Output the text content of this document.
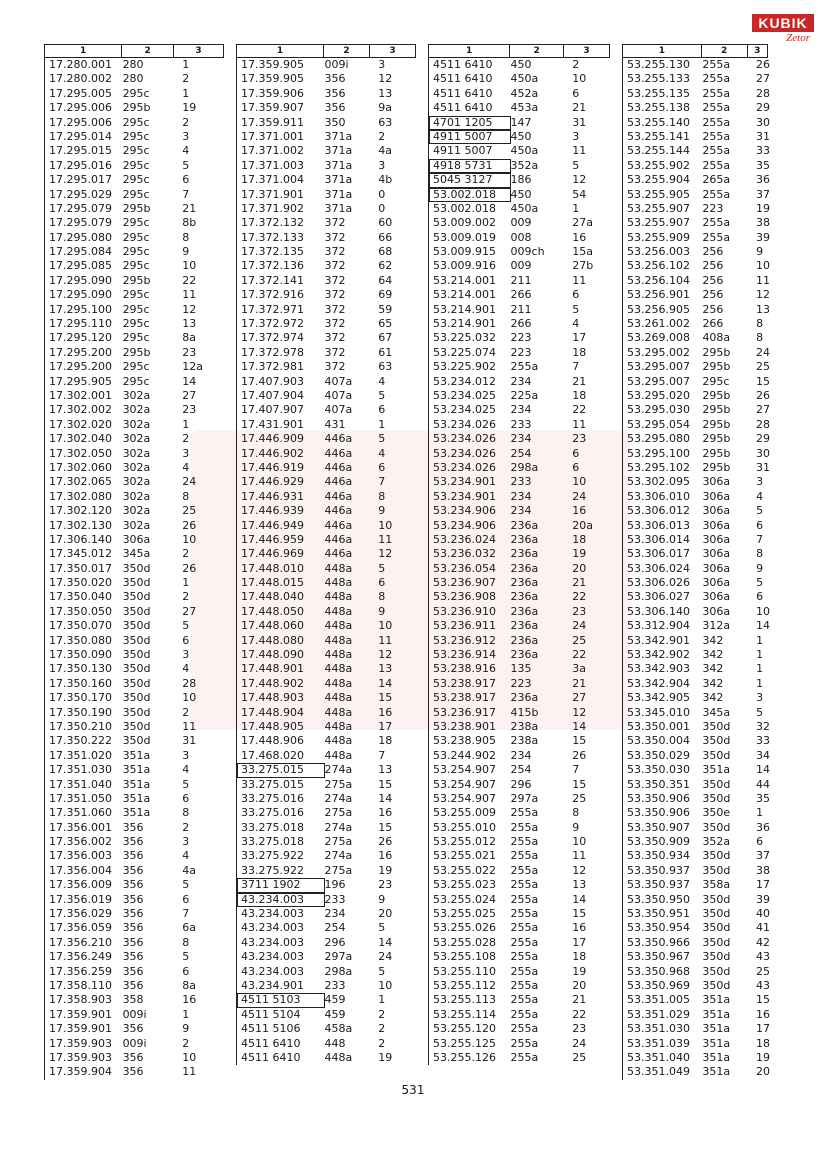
KUBIK
Zetor
1	2	3
17.280.001 280	1
17.280.002 280	2
17.295.005 295c	1
17.295.006 295b	19
17.295.006 295c	2
17.295.014 295c	3
17.295.015 295c	4
17.295.016 295c	5
17.295.017 295c	6
17.295.029 295c	7
17.295.079 295b	21
17.295.079 295c	8b
17.295.080 295c	8
17.295.084 295c	9
17.295.085 295c	10
17.295.090 295b	22
17.295.090 295c	11
17.295.100 295c	12
17.295.110 295c	13
17.295.120 295c	8a
17.295.200 295b	23
17.295.200 295c	12a
17.295.905 295c	14
17.302.001 302a	27
17.302.002 302a	23
17.302.020 302a	1
17.302.040 302a	2
17.302.050 302a	3
17.302.060 302a	4
17.302.065 302a	24
17.302.080 302a	8
17.302.120 302a	25
17.302.130 302a	26
17.306.140 306a	10
17.345.012 345a	2
17.350.017 350d	26
17.350.020 350d	1
17.350.040 350d	2
17.350.050 350d	27
17.350.070 350d	5
17.350.080 350d	6
17.350.090 350d	3
17.350.130 350d	4
17.350.160 350d	28
17.350.170 350d	10
17.350.190 350d	2
17.350.210 350d	11
17.350.222 350d	31
17.351.020 351a	3
17.351.030 351a	4
17.351.040 351a	5
17.351.050 351a	6
17.351.060 351a	8
17.356.001 356	2
17.356.002 356	3
17.356.003 356	4
17.356.004 356	4a
17.356.009 356	5
17.356.019 356	6
17.356.029 356	7
17.356.059 356	6a
17.356.210 356	8
17.356.249 356	5
17.356.259 356	6
17.358.110 356	8a
17.358.903 358	16
17.359.901 009i	1
17.359.901 356	9
17.359.903 009i	2
17.359.903 356	10
17.359.904 356	11
1	2	3
17.359.905	009i	3
17.359.905	356	12
17.359.906	356	13
17.359.907	356	9a
17.359.911	350	63
17.371.001	371a	2
17.371.002	371a	4a
17.371.003	371a	3
17.371.004	371a	4b
17.371.901	371a	0
17.371.902	371a	0
17.372.132	372	60
17.372.133	372	66
17.372.135	372	68
17.372.136	372	62
17.372.141	372	64
17.372.916	372	69
17.372.971	372	59
17.372.972	372	65
17.372.974	372	67
17.372.978	372	61
17.372.981	372	63
17.407.903	407a	4
17.407.904	407a	5
17.407.907	407a	6
17.431.901	431	1
17.446.909	446a	5
17.446.902	446a	4
17.446.919	446a	6
17.446.929	446a	7
17.446.931	446a	8
17.446.939	446a	9
17.446.949	446a	10
17.446.959	446a	11
17.446.969	446a	12
17.448.010	448a	5
17.448.015	448a	6
17.448.040	448a	8
17.448.050	448a	9
17.448.060	448a	10
17.448.080	448a	11
17.448.090	448a	12
17.448.901	448a	13
17.448.902	448a	14
17.448.903	448a	15
17.448.904	448a	16
17.448.905	448a	17
17.448.906	448a	18
17.468.020	448a	7
33.275.015	274a	13
33.275.015	275a	15
33.275.016	274a	14
33.275.016	275a	16
33.275.018	274a	15
33.275.018	275a	26
33.275.922	274a	16
33.275.922	275a	19
3711 1902	196	23
43.234.003	233	9
43.234.003	234	20
43.234.003	254	5
43.234.003	296	14
43.234.003	297a	24
43.234.003	298a	5
43.234.901	233	10
4511 5103	459	1
4511 5104	459	2
4511 5106	458a	2
4511 6410	448	2
4511 6410	448a	19
1	2	3
4511 6410	450	2
4511 6410	450a	10
4511 6410	452a	6
4511 6410	453a	21
4701 1205	147	31
4911 5007	450	3
4911 5007	450a	11
4918 5731	352a	5
5045 3127	186	12
53.002.018	450	54
53.002.018	450a	1
53.009.002	009	27a
53.009.019	008	16
53.009.915	009ch	15a
53.009.916	009	27b
53.214.001	211	11
53.214.001	266	6
53.214.901	211	5
53.214.901	266	4
53.225.032	223	17
53.225.074	223	18
53.225.902	255a	7
53.234.012	234	21
53.234.025	225a	18
53.234.025	234	22
53.234.026	233	11
53.234.026	234	23
53.234.026	254	6
53.234.026	298a	6
53.234.901	233	10
53.234.901	234	24
53.234.906	234	16
53.234.906	236a	20a
53.236.024	236a	18
53.236.032	236a	19
53.236.054	236a	20
53.236.907	236a	21
53.236.908	236a	22
53.236.910	236a	23
53.236.911	236a	24
53.236.912	236a	25
53.236.914	236a	22
53.238.916	135	3a
53.238.917	223	21
53.238.917	236a	27
53.236.917	415b	12
53.238.901	238a	14
53.238.905	238a	15
53.244.902	234	26
53.254.907	254	7
53.254.907	296	15
53.254.907	297a	25
53.255.009	255a	8
53.255.010	255a	9
53.255.012	255a	10
53.255.021	255a	11
53.255.022	255a	12
53.255.023	255a	13
53.255.024	255a	14
53.255.025	255a	15
53.255.026	255a	16
53.255.028	255a	17
53.255.108	255a	18
53.255.110	255a	19
53.255.112	255a	20
53.255.113	255a	21
53.255.114	255a	22
53.255.120	255a	23
53.255.125	255a	24
53.255.126	255a	25
1	2	3
53.255.130	255a	26
53.255.133	255a	27
53.255.135	255a	28
53.255.138	255a	29
53.255.140	255a	30
53.255.141	255a	31
53.255.144	255a	33
53.255.902	255a	35
53.255.904	265a	36
53.255.905	255a	37
53.255.907	223	19
53.255.907	255a	38
53.255.909	255a	39
53.256.003	256	9
53.256.102	256	10
53.256.104	256	11
53.256.901	256	12
53.256.905	256	13
53.261.002	266	8
53.269.008	408a	8
53.295.002	295b	24
53.295.007	295b	25
53.295.007	295c	15
53.295.020	295b	26
53.295.030	295b	27
53.295.054	295b	28
53.295.080	295b	29
53.295.100	295b	30
53.295.102	295b	31
53.302.095	306a	3
53.306.010	306a	4
53.306.012	306a	5
53.306.013	306a	6
53.306.014	306a	7
53.306.017	306a	8
53.306.024	306a	9
53.306.026	306a	5
53.306.027	306a	6
53.306.140	306a	10
53.312.904	312a	14
53.342.901	342	1
53.342.902	342	1
53.342.903	342	1
53.342.904	342	1
53.342.905	342	3
53.345.010	345a	5
53.350.001	350d	32
53.350.004	350d	33
53.350.029	350d	34
53.350.030	351a	14
53.350.351	350d	44
53.350.906	350d	35
53.350.906	350e	1
53.350.907	350d	36
53.350.909	352a	6
53.350.934	350d	37
53.350.937	350d	38
53.350.937	358a	17
53.350.950	350d	39
53.350.951	350d	40
53.350.954	350d	41
53.350.966	350d	42
53.350.967	350d	43
53.350.968	350d	25
53.350.969	350d	43
53.351.005	351a	15
53.351.029	351a	16
53.351.030	351a	17
53.351.039	351a	18
53.351.040	351a	19
53.351.049	351a	20
531
